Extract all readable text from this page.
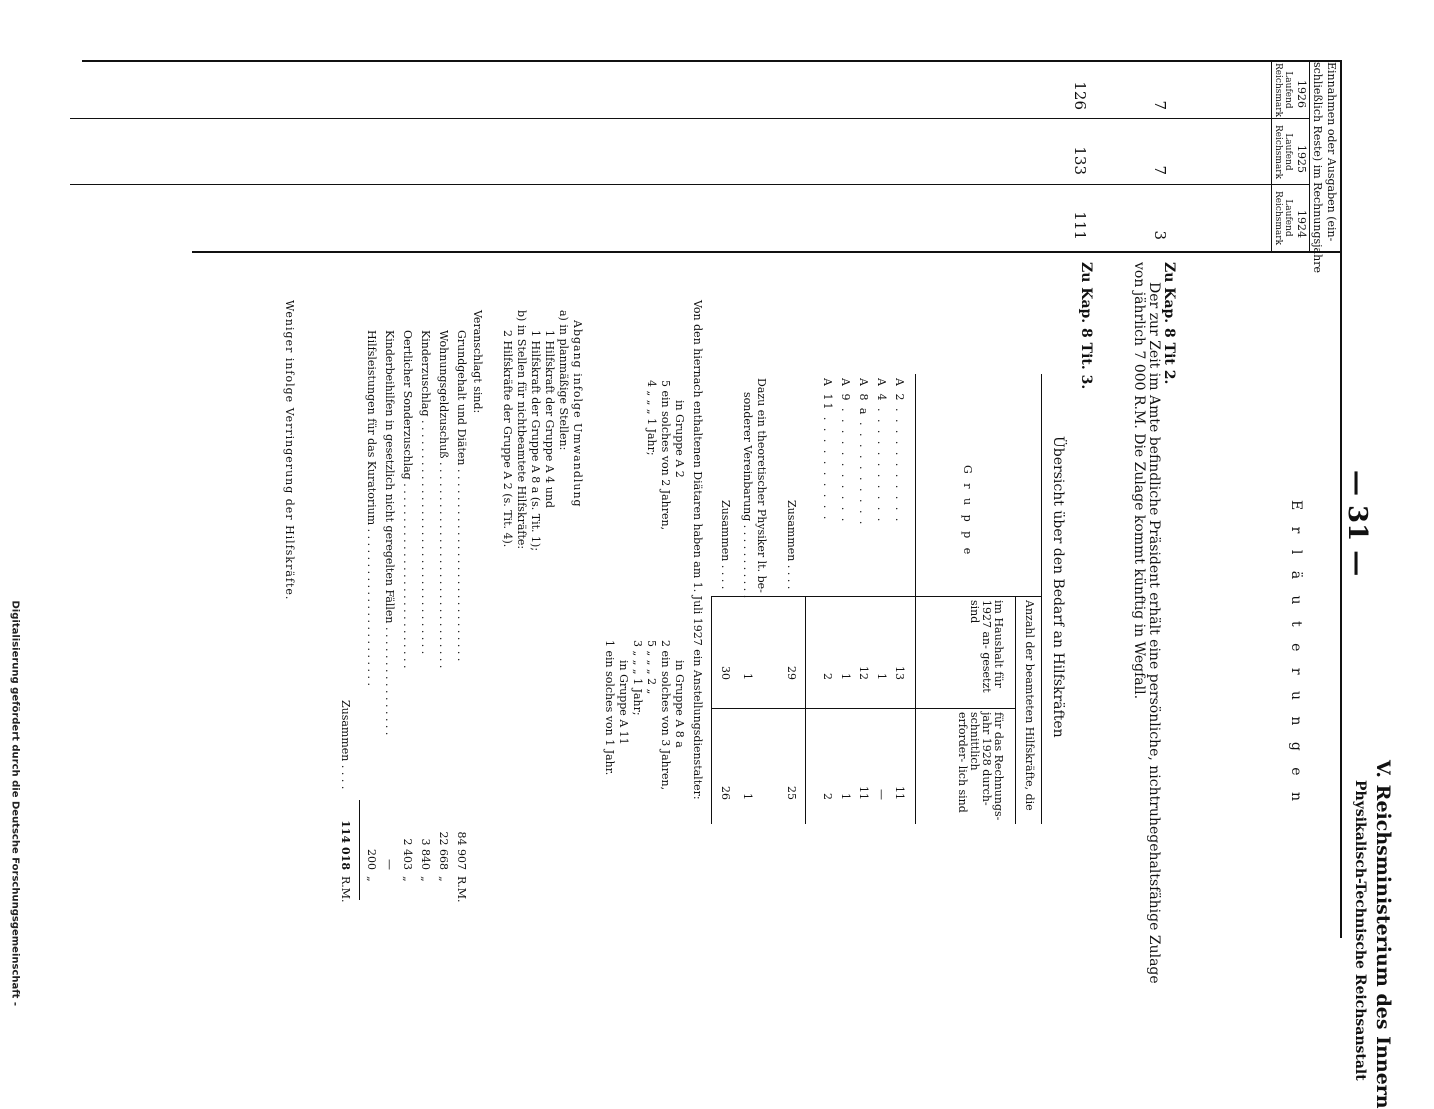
Digitalisierung gefördert durch die Deutsche Forschungsgemeinschaft -
— 31 —
V. Reichsministerium des Innern
Physikalisch-Technische Reichsanstalt
E r l ä u t e r u n g e n
Einnahmen oder Ausgaben (ein-
schließlich Reste) im Rechnungsjahre
1926
1925
1924
Laufend
Reichsmark
Laufend
Reichsmark
Laufend
Reichsmark
7
7
3
126
133
111
Zu Kap. 8 Tit 2.
Der zur Zeit im Amte befindliche Präsident erhält eine persönliche, nichtruhegehaltsfähige Zulage
von jährlich 7 000 R.M. Die Zulage kommt künftig in Wegfall.
Zu Kap. 8 Tit. 3.
Übersicht über den Bedarf an Hilfskräften
G r u p p e
Anzahl der beamteten Hilfskräfte, die
im Haushalt für 1927 an- gesetzt sind
für das Rechnungs- jahr 1928 durch- schnittlich erforder- lich sind
A 2 . . . . . . . . . . .
13
11
A 4 . . . . . . . . . . .
1
—
A 8 a . . . . . . . . . .
12
11
A 9 . . . . . . . . . . .
1
1
A 11 . . . . . . . . . .
2
2
Zusammen . . . .
29
25
Dazu ein theoretischer Physiker lt. be-
sonderer Vereinbarung . . . . . . . . . . .
1
1
Zusammen . . . .
30
26
Von den hiernach enthaltenen Diätaren haben am 1. Juli 1927 ein Anstellungsdienstalter:
in Gruppe A 2
5 ein solches von 2 Jahren,
4 „ „ „ 1 Jahr;
in Gruppe A 8 a
2 ein solches von 3 Jahren,
5 „ „ „ 2 „
3 „ „ „ 1 Jahr;
in Gruppe A 11
1 ein solches von 1 Jahr.
Abgang infolge Umwandlung
a) in planmäßige Stellen:
1 Hilfskraft der Gruppe A 4 und
1 Hilfskraft der Gruppe A 8 a (s. Tit. 1);
b) in Stellen für nichtbeamtete Hilfskräfte:
2 Hilfskräfte der Gruppe A 2 (s. Tit. 4).
Veranschlagt sind:
Grundgehalt und Diäten . . . . . . . . . . . . . . . . . . . . . . . . . . . .
84 907
R.M.
Wohnungsgeldzuschuß . . . . . . . . . . . . . . . . . . . . . . . . . . . . . .
22 668
„
Kinderzuschlag . . . . . . . . . . . . . . . . . . . . . . . . . . . . . . . . . .
3 840
„
Oertlicher Sonderzuschlag . . . . . . . . . . . . . . . . . . . . . . . . . . .
2 403
„
Kinderbeihilfen in gesetzlich nicht geregelten Fällen . . . . . . . . . . . . . . . .
—
Hilfsleistungen für das Kuratorium . . . . . . . . . . . . . . . . . . . . . . .
200
„
Zusammen . . . .
114 018
R.M.
Weniger infolge Verringerung der Hilfskräfte.
